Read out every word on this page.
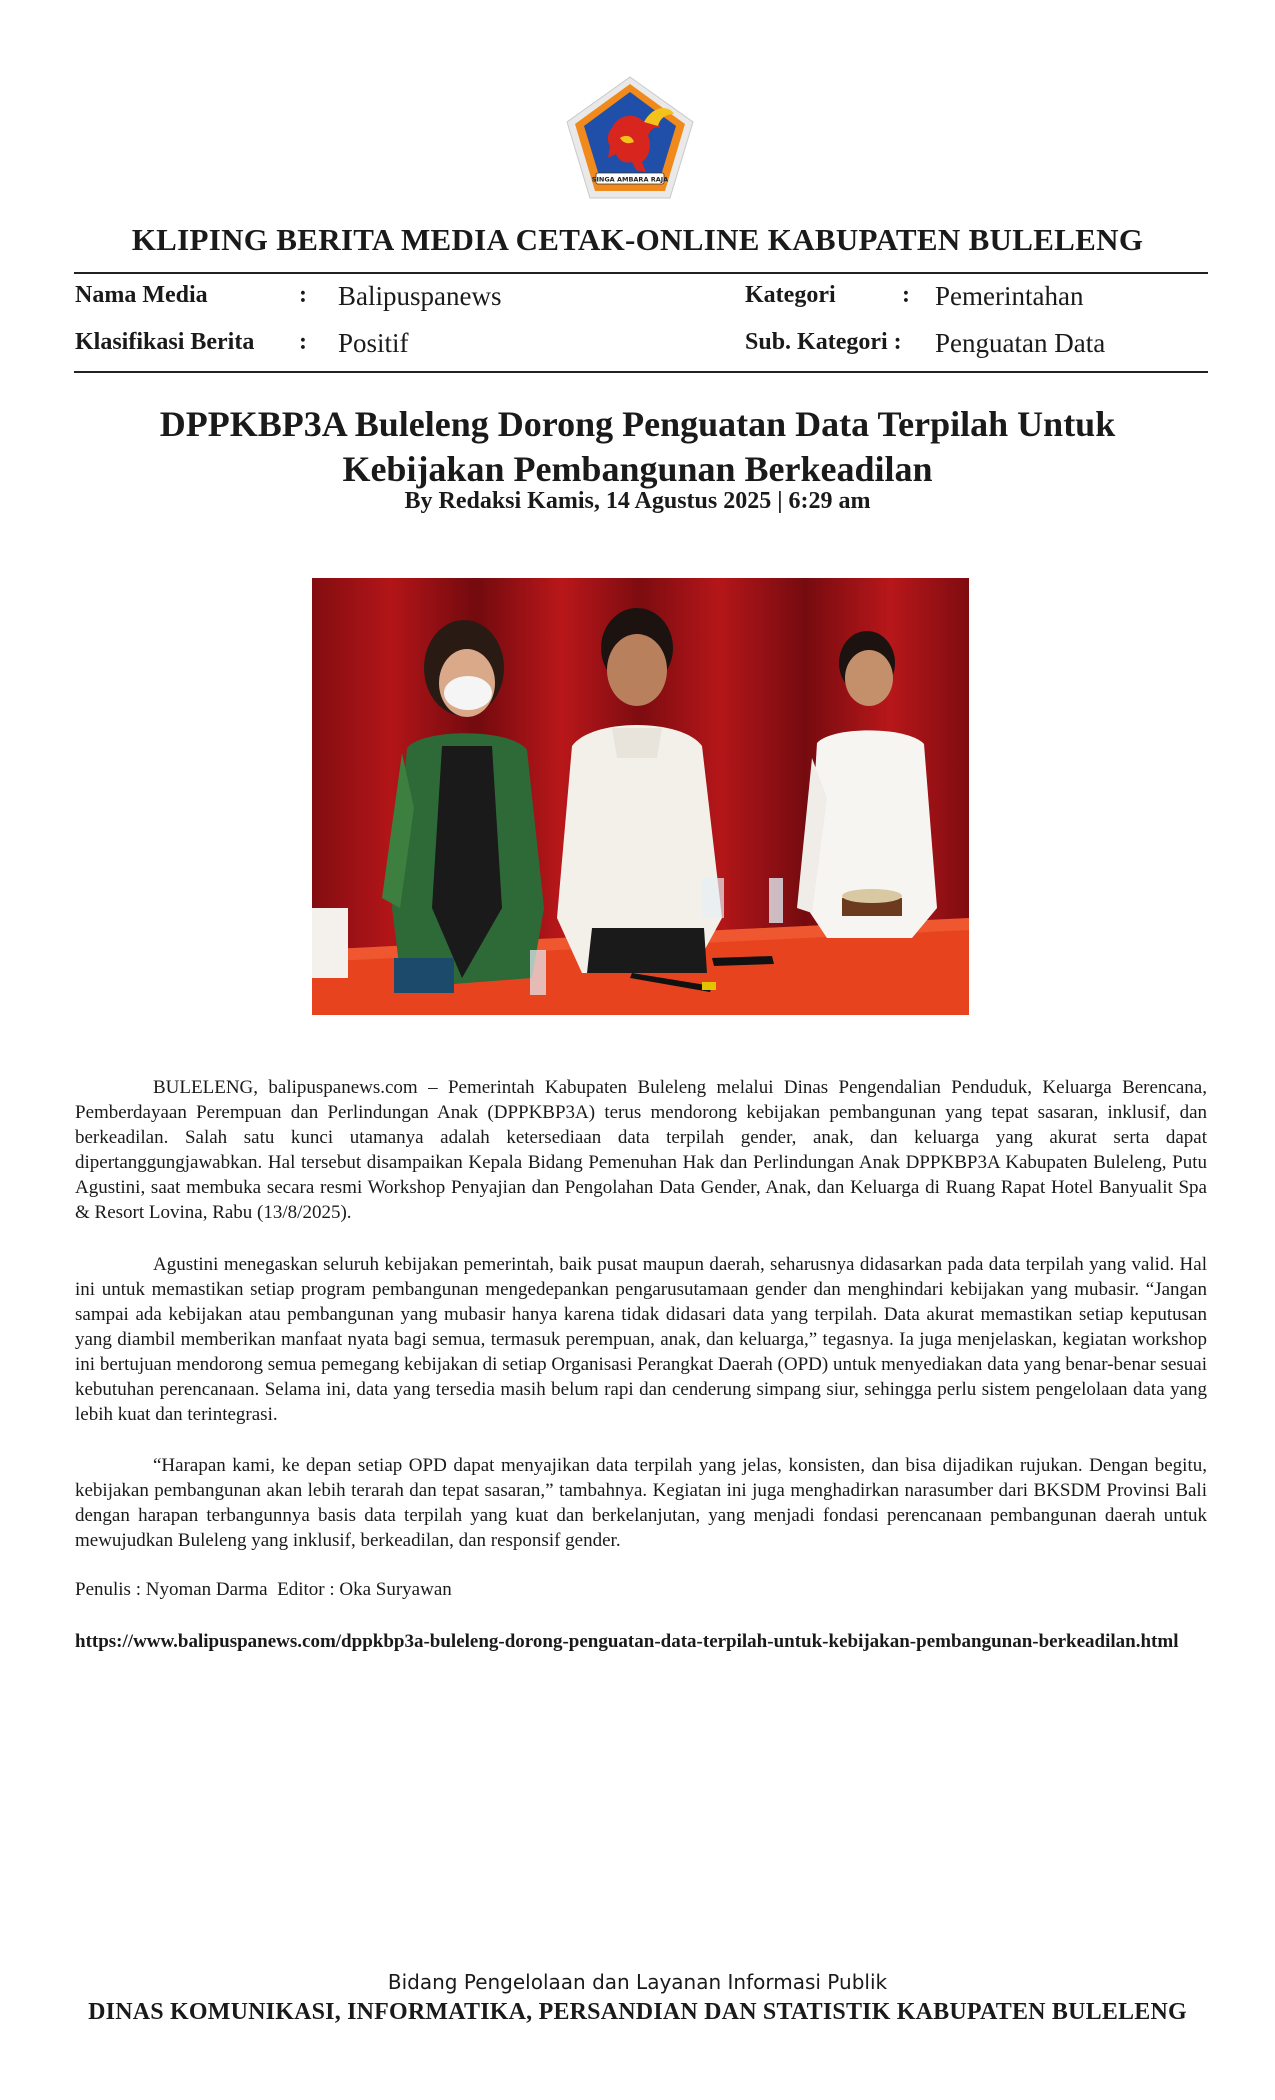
SINGA AMBARA RAJA
KLIPING BERITA MEDIA CETAK-ONLINE KABUPATEN BULELENG
Nama Media	: Balipuspanews
Klasifikasi Berita : Positif
Kategori	: Pemerintahan
Sub. Kategori : Penguatan Data
DPPKBP3A Buleleng Dorong Penguatan Data Terpilah Untuk Kebijakan Pembangunan Berkeadilan
By Redaksi Kamis, 14 Agustus 2025 | 6:29 am

BULELENG, balipuspanews.com – Pemerintah Kabupaten Buleleng melalui Dinas Pengendalian Penduduk, Keluarga Berencana, Pemberdayaan Perempuan dan Perlindungan Anak (DPPKBP3A) terus mendorong kebijakan pembangunan yang tepat sasaran, inklusif, dan berkeadilan. Salah satu kunci utamanya adalah ketersediaan data terpilah gender, anak, dan keluarga yang akurat serta dapat dipertanggungjawabkan. Hal tersebut disampaikan Kepala Bidang Pemenuhan Hak dan Perlindungan Anak DPPKBP3A Kabupaten Buleleng, Putu Agustini, saat membuka secara resmi Workshop Penyajian dan Pengolahan Data Gender, Anak, dan Keluarga di Ruang Rapat Hotel Banyualit Spa & Resort Lovina, Rabu (13/8/2025).

Agustini menegaskan seluruh kebijakan pemerintah, baik pusat maupun daerah, seharusnya didasarkan pada data terpilah yang valid. Hal ini untuk memastikan setiap program pembangunan mengedepankan pengarusutamaan gender dan menghindari kebijakan yang mubasir. “Jangan sampai ada kebijakan atau pembangunan yang mubasir hanya karena tidak didasari data yang terpilah. Data akurat memastikan setiap keputusan yang diambil memberikan manfaat nyata bagi semua, termasuk perempuan, anak, dan keluarga,” tegasnya. Ia juga menjelaskan, kegiatan workshop ini bertujuan mendorong semua pemegang kebijakan di setiap Organisasi Perangkat Daerah (OPD) untuk menyediakan data yang benar-benar sesuai kebutuhan perencanaan. Selama ini, data yang tersedia masih belum rapi dan cenderung simpang siur, sehingga perlu sistem pengelolaan data yang lebih kuat dan terintegrasi.

“Harapan kami, ke depan setiap OPD dapat menyajikan data terpilah yang jelas, konsisten, dan bisa dijadikan rujukan. Dengan begitu, kebijakan pembangunan akan lebih terarah dan tepat sasaran,” tambahnya. Kegiatan ini juga menghadirkan narasumber dari BKSDM Provinsi Bali dengan harapan terbangunnya basis data terpilah yang kuat dan berkelanjutan, yang menjadi fondasi perencanaan pembangunan daerah untuk mewujudkan Buleleng yang inklusif, berkeadilan, dan responsif gender.

Penulis : Nyoman Darma  Editor : Oka Suryawan
https://www.balipuspanews.com/dppkbp3a-buleleng-dorong-penguatan-data-terpilah-untuk-kebijakan-pembangunan-berkeadilan.html
Bidang Pengelolaan dan Layanan Informasi Publik
DINAS KOMUNIKASI, INFORMATIKA, PERSANDIAN DAN STATISTIK KABUPATEN BULELENG
